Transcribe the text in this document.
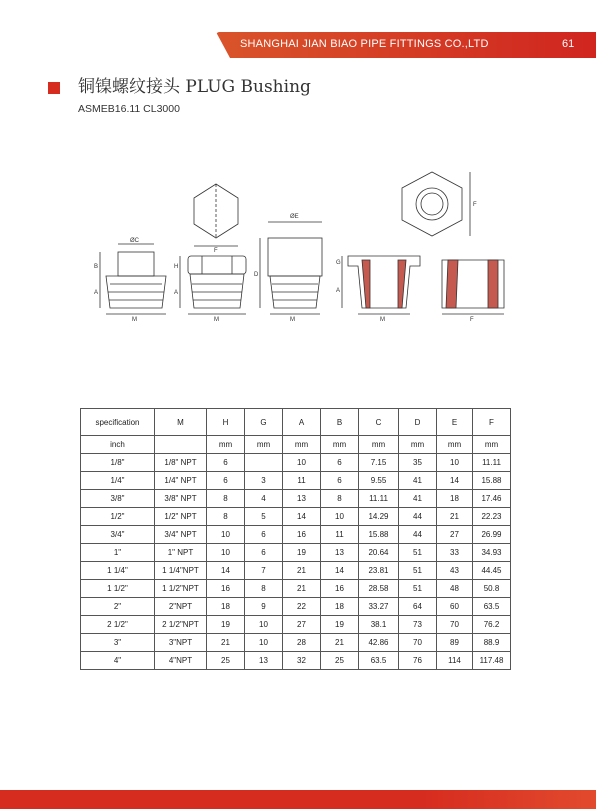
SHANGHAI JIAN BIAO PIPE FITTINGS CO.,LTD	61
铜镍螺纹接头 PLUG Bushing
ASMEB16.11 CL3000
ØC
M
B
A
F
H
A
M
ØE
D
M
G
A
M
F
F
specification	M	H	G	A	B	C	D	E	F
inch		mm	mm	mm	mm	mm	mm	mm	mm
1/8"	1/8" NPT	6		10	6	7.15	35	10	11.11
1/4"	1/4" NPT	6	3	11	6	9.55	41	14	15.88
3/8"	3/8" NPT	8	4	13	8	11.11	41	18	17.46
1/2"	1/2" NPT	8	5	14	10	14.29	44	21	22.23
3/4"	3/4" NPT	10	6	16	11	15.88	44	27	26.99
1"	1" NPT	10	6	19	13	20.64	51	33	34.93
1 1/4"	1 1/4"NPT	14	7	21	14	23.81	51	43	44.45
1 1/2"	1 1/2"NPT	16	8	21	16	28.58	51	48	50.8
2"	2"NPT	18	9	22	18	33.27	64	60	63.5
2 1/2"	2 1/2"NPT	19	10	27	19	38.1	73	70	76.2
3"	3"NPT	21	10	28	21	42.86	70	89	88.9
4"	4"NPT	25	13	32	25	63.5	76	114	117.48
